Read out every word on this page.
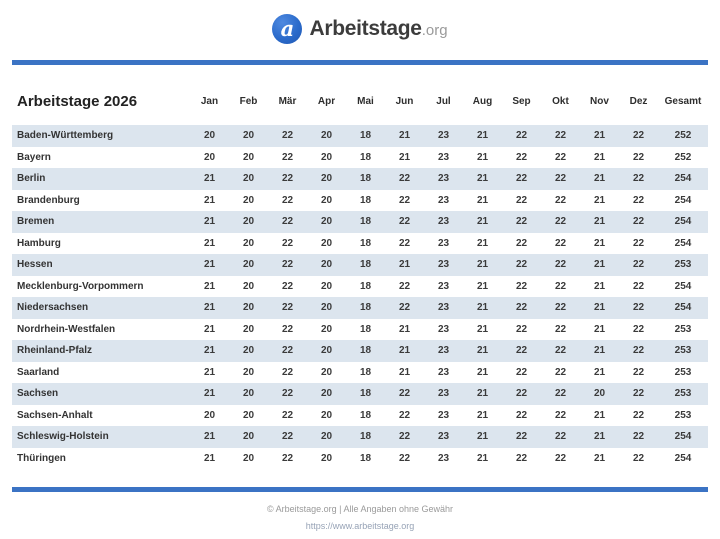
a Arbeitstage.org
Arbeitstage 2026	Jan	Feb	Mär	Apr	Mai	Jun	Jul	Aug	Sep	Okt	Nov	Dez	Gesamt
Baden-Württemberg	20	20	22	20	18	21	23	21	22	22	21	22	252
Bayern	20	20	22	20	18	21	23	21	22	22	21	22	252
Berlin	21	20	22	20	18	22	23	21	22	22	21	22	254
Brandenburg	21	20	22	20	18	22	23	21	22	22	21	22	254
Bremen	21	20	22	20	18	22	23	21	22	22	21	22	254
Hamburg	21	20	22	20	18	22	23	21	22	22	21	22	254
Hessen	21	20	22	20	18	21	23	21	22	22	21	22	253
Mecklenburg-Vorpommern	21	20	22	20	18	22	23	21	22	22	21	22	254
Niedersachsen	21	20	22	20	18	22	23	21	22	22	21	22	254
Nordrhein-Westfalen	21	20	22	20	18	21	23	21	22	22	21	22	253
Rheinland-Pfalz	21	20	22	20	18	21	23	21	22	22	21	22	253
Saarland	21	20	22	20	18	21	23	21	22	22	21	22	253
Sachsen	21	20	22	20	18	22	23	21	22	22	20	22	253
Sachsen-Anhalt	20	20	22	20	18	22	23	21	22	22	21	22	253
Schleswig-Holstein	21	20	22	20	18	22	23	21	22	22	21	22	254
Thüringen	21	20	22	20	18	22	23	21	22	22	21	22	254
© Arbeitstage.org | Alle Angaben ohne Gewähr
https://www.arbeitstage.org
